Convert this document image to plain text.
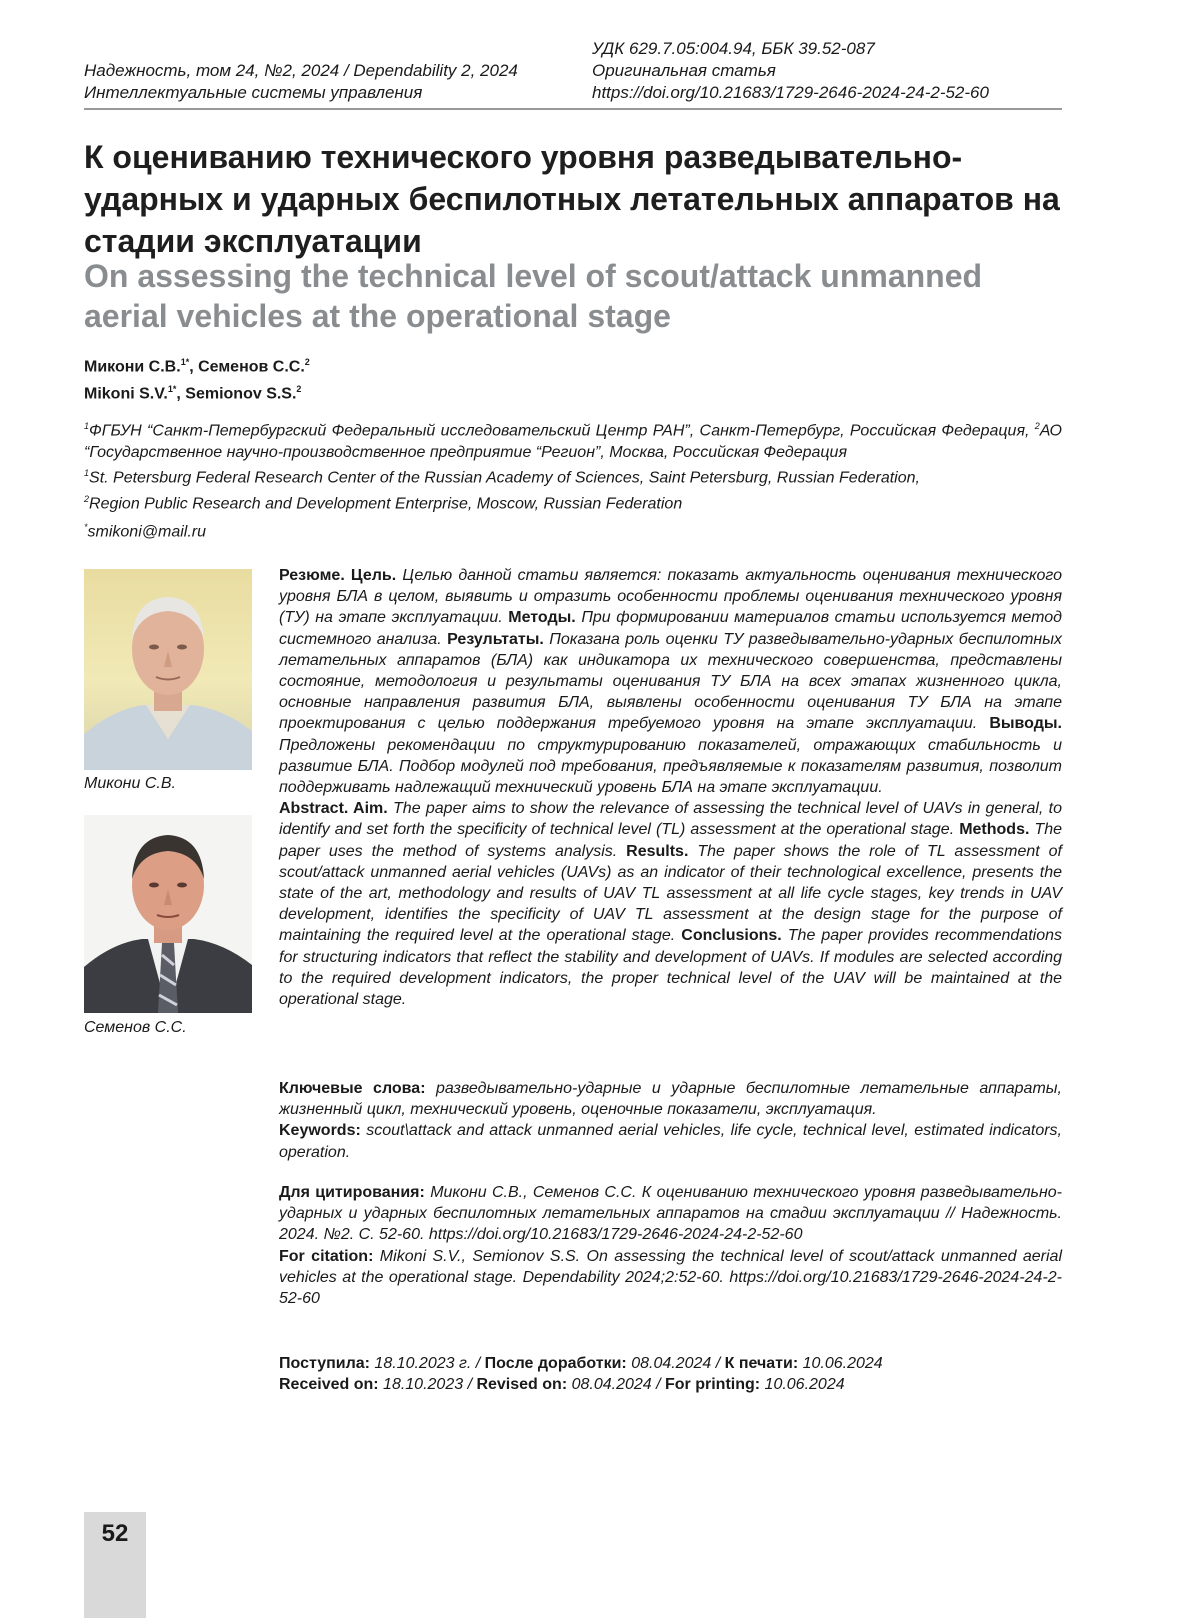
Надежность, том 24, №2, 2024 / Dependability 2, 2024
Интеллектуальные системы управления
УДК 629.7.05:004.94, ББК 39.52-087
Оригинальная статья
https://doi.org/10.21683/1729-2646-2024-24-2-52-60
К оцениванию технического уровня разведывательно-ударных и ударных беспилотных летательных аппаратов на стадии эксплуатации
On assessing the technical level of scout/attack unmanned aerial vehicles at the operational stage
Микони С.В.$^{1*}$, Семенов С.С.$^2$
Mikoni S.V.$^{1*}$, Semionov S.S.$^2$
$^1$ФГБУН “Санкт-Петербургский Федеральный исследовательский Центр РАН”, Санкт-Петербург, Российская Федерация, $^2$АО “Государственное научно-производственное предприятие “Регион”, Москва, Российская Федерация
$^1$St. Petersburg Federal Research Center of the Russian Academy of Sciences, Saint Petersburg, Russian Federation,
$^2$Region Public Research and Development Enterprise, Moscow, Russian Federation
*smikoni@mail.ru
Микони С.В.
Семенов С.С.
Резюме. Цель. Целью данной статьи является: показать актуальность оценивания технического уровня БЛА в целом, выявить и отразить особенности проблемы оценивания технического уровня (ТУ) на этапе эксплуатации. Методы. При формировании материалов статьи используется метод системного анализа. Результаты. Показана роль оценки ТУ разведывательно-ударных беспилотных летательных аппаратов (БЛА) как индикатора их технического совершенства, представлены состояние, методология и результаты оценивания ТУ БЛА на всех этапах жизненного цикла, основные направления развития БЛА, выявлены особенности оценивания ТУ БЛА на этапе проектирования с целью поддержания требуемого уровня на этапе эксплуатации. Выводы. Предложены рекомендации по структурированию показателей, отражающих стабильность и развитие БЛА. Подбор модулей под требования, предъявляемые к показателям развития, позволит поддерживать надлежащий технический уровень БЛА на этапе эксплуатации.
Abstract. Aim. The paper aims to show the relevance of assessing the technical level of UAVs in general, to identify and set forth the specificity of technical level (TL) assessment at the operational stage. Methods. The paper uses the method of systems analysis. Results. The paper shows the role of TL assessment of scout/attack unmanned aerial vehicles (UAVs) as an indicator of their technological excellence, presents the state of the art, methodology and results of UAV TL assessment at all life cycle stages, key trends in UAV development, identifies the specificity of UAV TL assessment at the design stage for the purpose of maintaining the required level at the operational stage. Conclusions. The paper provides recommendations for structuring indicators that reflect the stability and development of UAVs. If modules are selected according to the required development indicators, the proper technical level of the UAV will be maintained at the operational stage.
Ключевые слова: разведывательно-ударные и ударные беспилотные летательные аппараты, жизненный цикл, технический уровень, оценочные показатели, эксплуатация.
Keywords: scout\attack and attack unmanned aerial vehicles, life cycle, technical level, estimated indicators, operation.
Для цитирования: Микони С.В., Семенов С.С. К оцениванию технического уровня разведывательно-ударных и ударных беспилотных летательных аппаратов на стадии эксплуатации // Надежность. 2024. №2. С. 52-60. https://doi.org/10.21683/1729-2646-2024-24-2-52-60
For citation: Mikoni S.V., Semionov S.S. On assessing the technical level of scout/attack unmanned aerial vehicles at the operational stage. Dependability 2024;2:52-60. https://doi.org/10.21683/1729-2646-2024-24-2-52-60
Поступила: 18.10.2023 г. / После доработки: 08.04.2024 / К печати: 10.06.2024
Received on: 18.10.2023 / Revised on: 08.04.2024 / For printing: 10.06.2024
52
